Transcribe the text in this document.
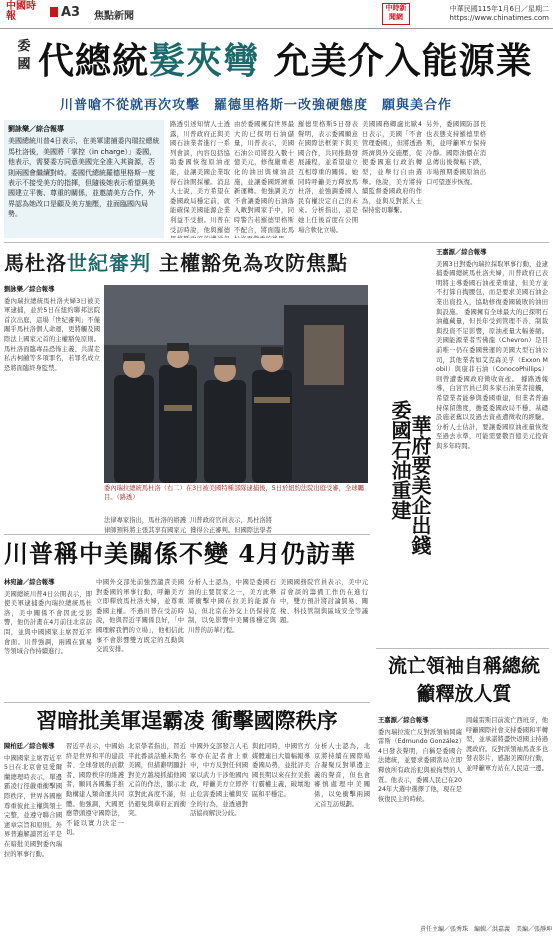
中國時報	A3	焦點新聞
中時新聞網
中華民國115年1月6日／星期二
https://www.chinatimes.com
委國 代總統髮夾彎 允美介入能源業
川普嗆不從就再次攻擊　羅德里格斯一改強硬態度　願與美合作
劉詠樂／綜合報導
美國總統川普4日表示，在美軍逮捕委內瑞拉總統馬杜洛後，美國將「掌控（in charge）」委國，他表示，需要委方同意美國完全准入其資源，否則兩國會繼續對峙。委國代總統羅德里格斯一度表示不接受美方的指揮，但隨後她表示希望與美國建立平衡、尊重的關係，並邀請美方合作，外界認為她改口是顧及美方施壓，並面臨國內局勢。
路透引述知情人士透露，川普政府正與美國石油業者進行一系列會談，內容包括協助委國恢復原油產能，並讓美國企業取得石油開採權。消息人士說，美方希望在委國政局穩定前，就能確保美國能源企業利益不受損。川普在受訪時說，他與羅德
由於委國擁有世界最大的已探明石油儲量，川普表示，美國石油公司將投入數十億美元，修復嚴重老化的油田與煉油設施，並讓委國經濟重新運轉。他強調美方不會讓委國的石油落入敵對國家手中，同時警告若羅德里格斯不配合，將面臨比馬
羅德里格斯5日發表聲明，表示委國願意在國際法框架下與美國合作，共同推動發展議程，並希望建立互相尊重的關係。她同時呼籲美方釋放馬杜洛，並強調委國人民有權決定自己的未來。分析指出，這是她上任後首度在公開場合軟化立場。
美國國務卿盧比歐4日表示，美國「不會管理委國」，但將透過經濟與外交施壓，促使委國進行政治轉型，並舉行自由選舉。他說，美方將持續監督委國政府的作為，並與反對派人士保持密切聯繫。
另外，委國國防部長也表態支持羅德里格斯，並呼籲軍方保持冷靜。國際油價在消息傳出後微幅下跌，市場預期委國原油出口可望逐步恢復。
馬杜洛世紀審判 主權豁免為攻防焦點
劉詠樂／綜合報導
委內瑞拉總統馬杜洛夫婦3日被美軍逮捕，並於5日在紐約聯邦法院首次出庭，這場「世紀審判」不僅關乎馬杜洛個人命運，更將觸及國際法上國家元首的主權豁免原則。馬杜洛面臨毒品恐怖主義、共謀走私古柯鹼等多項罪名，若罪名成立恐將面臨終身監禁。
委內瑞拉總統馬杜洛（右二）在3日被美國特種部隊逮捕後，5日於紐約法院出庭受審，全球矚目。（路透）
法律專家指出，馬杜洛的辯護律師預料將主張其享有國家元
川普政府官員表示，馬杜洛將獲得公正審判。但國際法學者
委國石油重建
華府要美企出錢
王嘉源／綜合報導
美國3日對委內瑞拉採取軍事行動，並逮捕委國總統馬杜洛夫婦，川普政府已表明將主導委國石油產業重建，但美方並不打算自掏腰包，而是要求美國石油企業出資投入，協助修復委國破敗的油田與設施。 委國擁有全球最大的已探明石油蘊藏量，但長年受到管理不善、制裁與投資不足影響，原油產量大幅萎縮。美國能源業者雪佛龍（Chevron）是目前唯一仍在委國營運的美國大型石油公司，其他業者如艾克森美孚（Exxon Mobil）與康菲石油（ConocoPhillips）則曾遭委國政府徵收資產。 據路透報導，白宮官員已與多家石油業者接觸，希望業者能參與委國重建，但業者普遍持保留態度，擔憂委國政局不穩、基礎設施老舊以及過去資產遭徵收的經驗。分析人士估計，要讓委國原油產量恢復至過去水準，可能需要數百億美元投資與多年時間。
川普稱中美關係不變 4月仍訪華
林宛諭／綜合報導
美國總統川普4日公開表示，即使美軍逮捕委內瑞拉總統馬杜洛，美中關係不會因此受影響，他仍計畫在4月前往北京訪問，並與中國國家主席習近平會面。川普強調，兩國在貿易等領域合作持續進行。
中國外交部先前強烈譴責美國對委國的軍事行動，呼籲美方立即釋放馬杜洛夫婦，並尊重委國主權。不過川普在受訪時說，他與習近平關係良好，「中國理解我們的立場」，他相信此事不會影響雙方既定的互動與交流安排。
分析人士認為，中國是委國石油的主要買家之一，美方此舉將衝擊中國在拉美的能源布局，但北京在外交上仍保持克制，以免影響中美關係穩定與川普的訪華行程。
美國國務院官員表示，美中元首會談的籌備工作仍在進行中，雙方預計將討論貿易、關稅、科技管制與區域安全等議題。
流亡領袖自稱總統 籲釋放人質
王嘉源／綜合報導
委內瑞拉流亡反對派領袖岡薩雷斯（Edmundo González）4日發表聲明，自稱是委國合法總統，並要求委國當局立即釋放所有政治犯與被拘禁的人質。他表示，委國人民已在2024年大選中選擇了他，現在是恢復民主的時候。
岡薩雷斯目前流亡西班牙，他呼籲國際社會支持委國和平轉型，並承諾將盡快返國主持過渡政府。反對派領袖馬查多也發表影片，感謝美國的行動，並呼籲軍方站在人民這一邊。
習暗批美軍逞霸凌 衝擊國際秩序
陳柏廷／綜合報導
中國國家主席習近平5日在北京會見愛爾蘭總理時表示，單邊霸凌行徑嚴重衝擊國際秩序，世界各國應尊重彼此主權與領土完整，並遵守聯合國憲章宗旨和原則。外界普遍解讀習近平是在暗批美國對委內瑞拉的軍事行動。
習近平表示，中國始終是世界和平的建設者、全球發展的貢獻者、國際秩序的維護者，願同各國攜手推動構建人類命運共同體。他強調，大國更應帶頭遵守國際法，不能以實力決定一切。
北京學者指出，習近平此番談話雖未點名美國，但措辭明顯針對美方越境抓捕他國元首的作法，顯示北京對此高度不滿，但仍避免與華府正面衝突。
中國外交部發言人毛寧亦在記者會上重申，中方反對任何國家以武力干涉他國內政，呼籲美方立即停止危害委國主權與安全的行為，並透過對話協商解決分歧。
與此同時，中國官方媒體連日大篇幅報導委國局勢，並批評美國長期以來在拉美推行霸權主義，破壞地區和平穩定。
分析人士認為，北京將持續在國際場合凝聚反對單邊主義的聲音，但也會審慎處理中美關係，以免衝擊兩國元首互訪規劃。
責任主編／張秀珠　編輯／洪嘉義　美編／張靜坤
